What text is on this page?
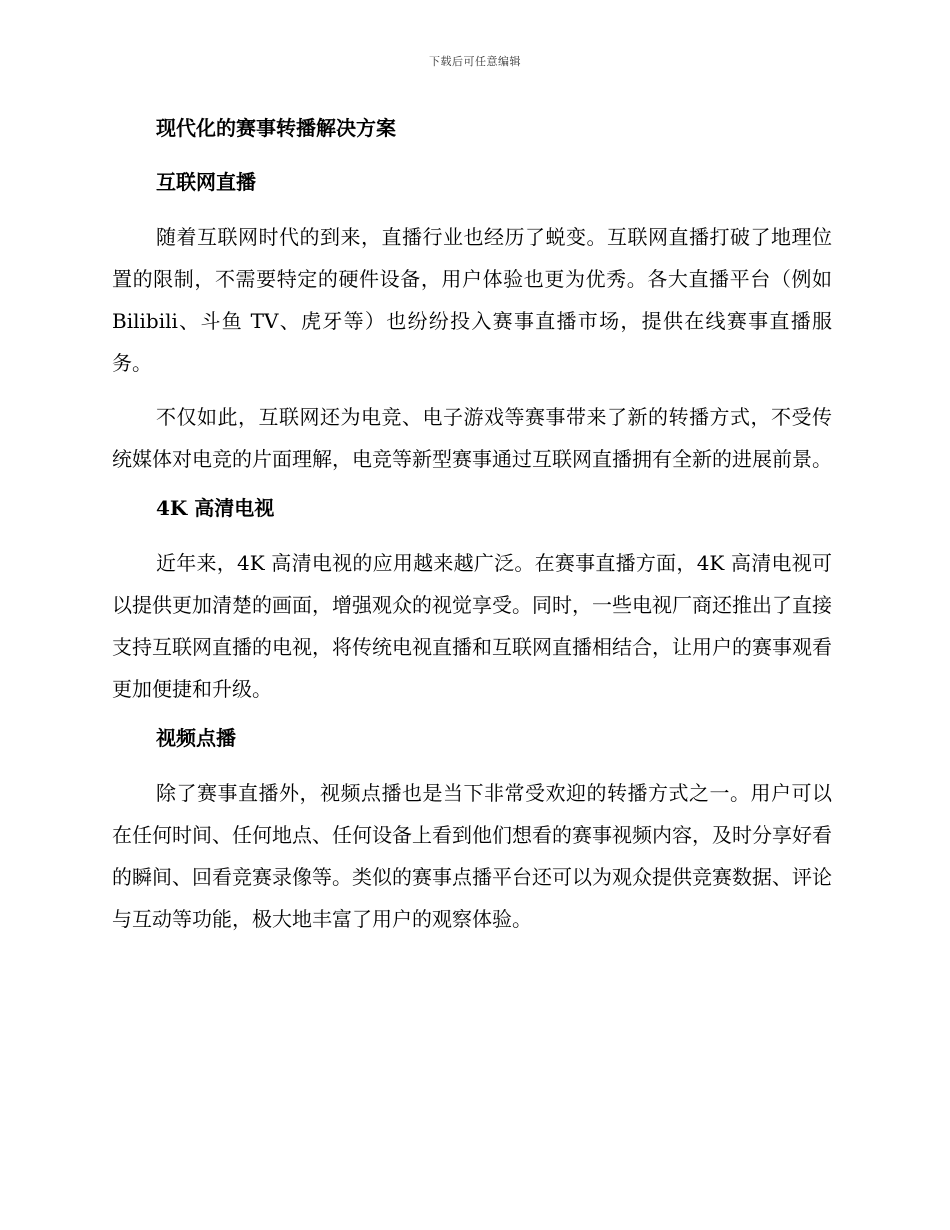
下载后可任意编辑
现代化的赛事转播解决方案
互联网直播

随着互联网时代的到来，直播行业也经历了蜕变。互联网直播打破了地理位置的限制，不需要特定的硬件设备，用户体验也更为优秀。各大直播平台（例如 Bilibili、斗鱼 TV、虎牙等）也纷纷投入赛事直播市场，提供在线赛事直播服务。

不仅如此，互联网还为电竞、电子游戏等赛事带来了新的转播方式，不受传统媒体对电竞的片面理解，电竞等新型赛事通过互联网直播拥有全新的进展前景。

4K 高清电视

近年来，4K 高清电视的应用越来越广泛。在赛事直播方面，4K 高清电视可以提供更加清楚的画面，增强观众的视觉享受。同时，一些电视厂商还推出了直接支持互联网直播的电视，将传统电视直播和互联网直播相结合，让用户的赛事观看更加便捷和升级。

视频点播

除了赛事直播外，视频点播也是当下非常受欢迎的转播方式之一。用户可以在任何时间、任何地点、任何设备上看到他们想看的赛事视频内容，及时分享好看的瞬间、回看竞赛录像等。类似的赛事点播平台还可以为观众提供竞赛数据、评论与互动等功能，极大地丰富了用户的观察体验。
